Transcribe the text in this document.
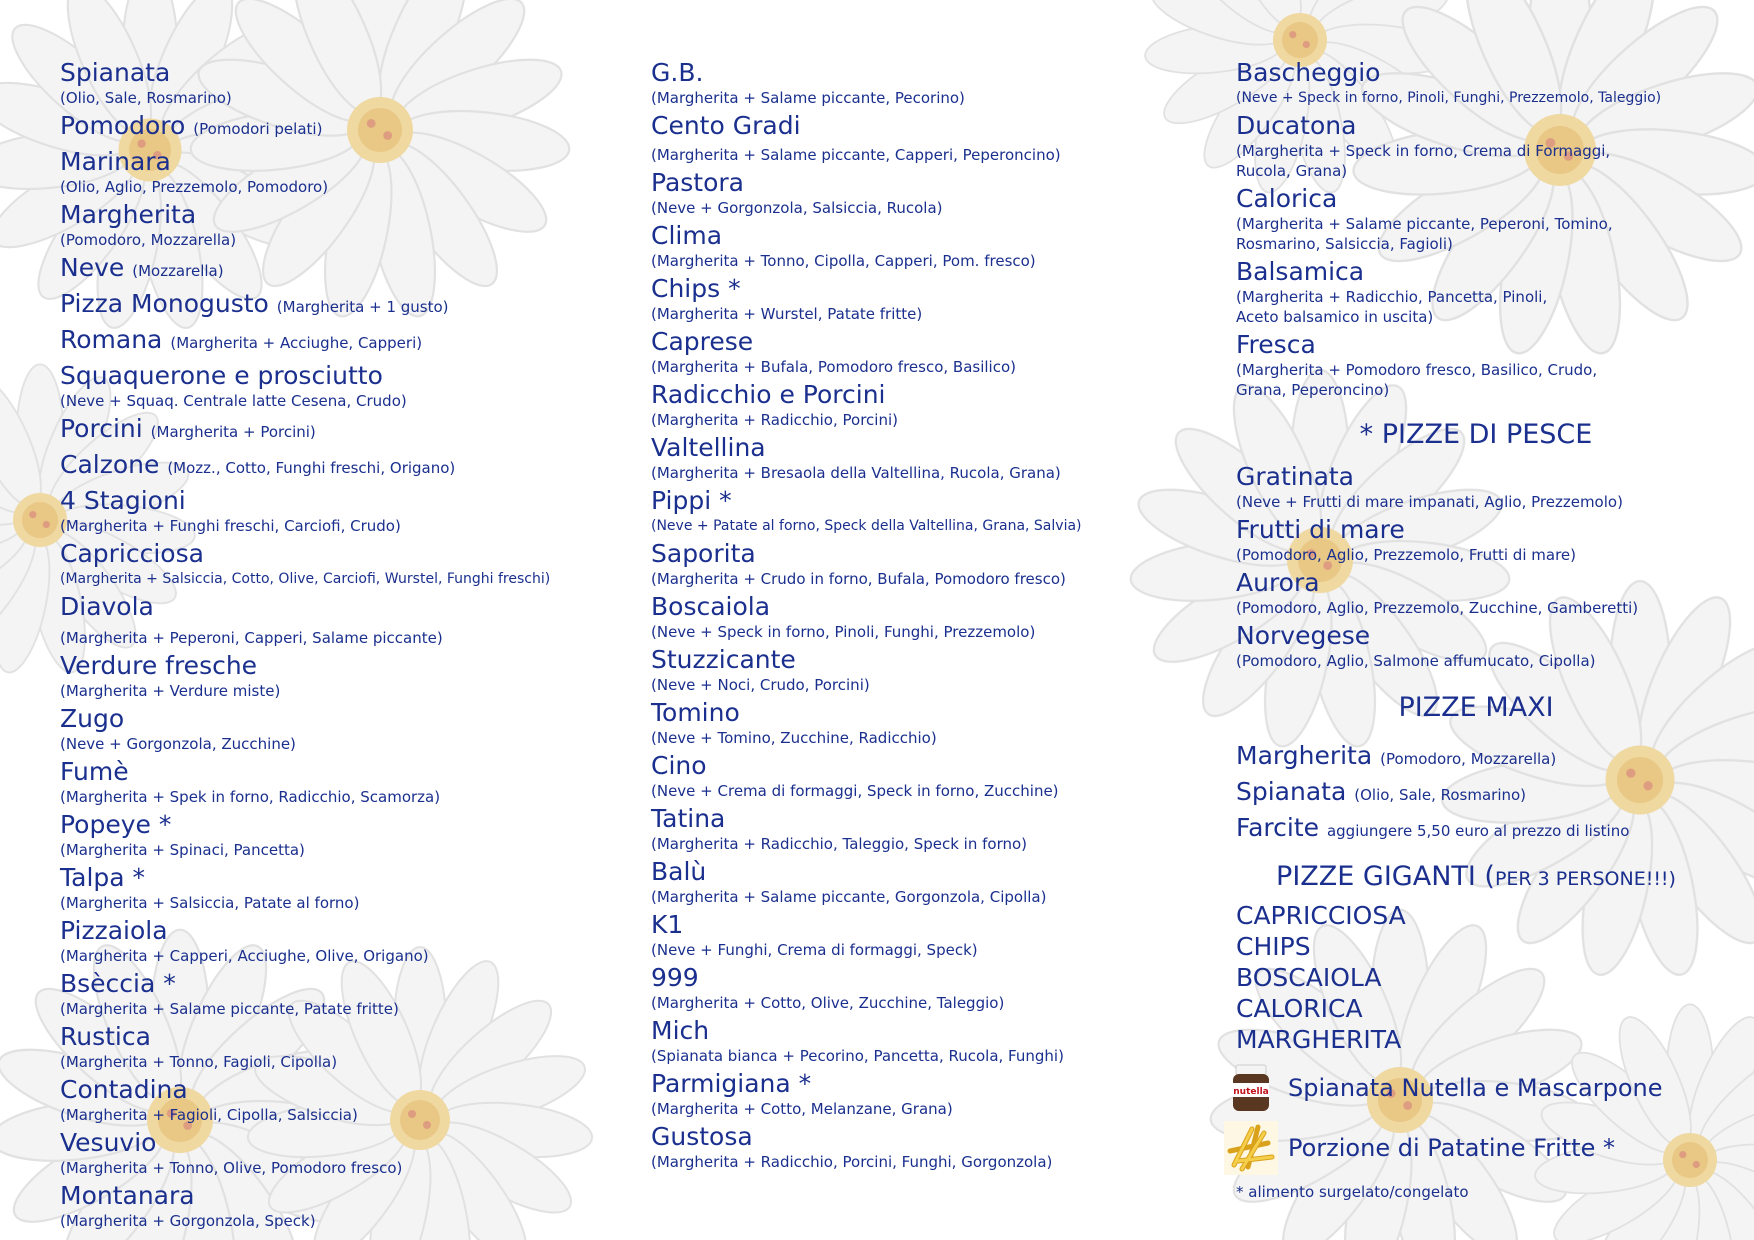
Spianata
(Olio, Sale, Rosmarino)
Pomodoro (Pomodori pelati)
Marinara
(Olio, Aglio, Prezzemolo, Pomodoro)
Margherita
(Pomodoro, Mozzarella)
Neve (Mozzarella)
Pizza Monogusto (Margherita + 1 gusto)
Romana (Margherita + Acciughe, Capperi)
Squaquerone e prosciutto
(Neve + Squaq. Centrale latte Cesena, Crudo)
Porcini (Margherita + Porcini)
Calzone (Mozz., Cotto, Funghi freschi, Origano)
4 Stagioni
(Margherita + Funghi freschi, Carciofi, Crudo)
Capricciosa
(Margherita + Salsiccia, Cotto, Olive, Carciofi, Wurstel, Funghi freschi)
Diavola
(Margherita + Peperoni, Capperi, Salame piccante)
Verdure fresche
(Margherita + Verdure miste)
Zugo
(Neve + Gorgonzola, Zucchine)
Fumè
(Margherita + Spek in forno, Radicchio, Scamorza)
Popeye *
(Margherita + Spinaci, Pancetta)
Talpa *
(Margherita + Salsiccia, Patate al forno)
Pizzaiola
(Margherita + Capperi, Acciughe, Olive, Origano)
Bsèccia *
(Margherita + Salame piccante, Patate fritte)
Rustica
(Margherita + Tonno, Fagioli, Cipolla)
Contadina
(Margherita + Fagioli, Cipolla, Salsiccia)
Vesuvio
(Margherita + Tonno, Olive, Pomodoro fresco)
Montanara
(Margherita + Gorgonzola, Speck)
G.B.
(Margherita + Salame piccante, Pecorino)
Cento Gradi
(Margherita + Salame piccante, Capperi, Peperoncino)
Pastora
(Neve + Gorgonzola, Salsiccia, Rucola)
Clima
(Margherita + Tonno, Cipolla, Capperi, Pom. fresco)
Chips *
(Margherita + Wurstel, Patate fritte)
Caprese
(Margherita + Bufala, Pomodoro fresco, Basilico)
Radicchio e Porcini
(Margherita + Radicchio, Porcini)
Valtellina
(Margherita + Bresaola della Valtellina, Rucola, Grana)
Pippi *
(Neve + Patate al forno, Speck della Valtellina, Grana, Salvia)
Saporita
(Margherita + Crudo in forno, Bufala, Pomodoro fresco)
Boscaiola
(Neve + Speck in forno, Pinoli, Funghi, Prezzemolo)
Stuzzicante
(Neve + Noci, Crudo, Porcini)
Tomino
(Neve + Tomino, Zucchine, Radicchio)
Cino
(Neve + Crema di formaggi, Speck in forno, Zucchine)
Tatina
(Margherita + Radicchio, Taleggio, Speck in forno)
Balù
(Margherita + Salame piccante, Gorgonzola, Cipolla)
K1
(Neve + Funghi, Crema di formaggi, Speck)
999
(Margherita + Cotto, Olive, Zucchine, Taleggio)
Mich
(Spianata bianca + Pecorino, Pancetta, Rucola, Funghi)
Parmigiana *
(Margherita + Cotto, Melanzane, Grana)
Gustosa
(Margherita + Radicchio, Porcini, Funghi, Gorgonzola)
Bascheggio
(Neve + Speck in forno, Pinoli, Funghi, Prezzemolo, Taleggio)
Ducatona
(Margherita + Speck in forno, Crema di Formaggi,
Rucola, Grana)
Calorica
(Margherita + Salame piccante, Peperoni, Tomino,
Rosmarino, Salsiccia, Fagioli)
Balsamica
(Margherita + Radicchio, Pancetta, Pinoli,
Aceto balsamico in uscita)
Fresca
(Margherita + Pomodoro fresco, Basilico, Crudo,
Grana, Peperoncino)
* PIZZE DI PESCE
Gratinata
(Neve + Frutti di mare impanati, Aglio, Prezzemolo)
Frutti di mare
(Pomodoro, Aglio, Prezzemolo, Frutti di mare)
Aurora
(Pomodoro, Aglio, Prezzemolo, Zucchine, Gamberetti)
Norvegese
(Pomodoro, Aglio, Salmone affumucato, Cipolla)
PIZZE MAXI
Margherita (Pomodoro, Mozzarella)
Spianata (Olio, Sale, Rosmarino)
Farcite aggiungere 5,50 euro al prezzo di listino
PIZZE GIGANTI (PER 3 PERSONE!!!)
CAPRICCIOSA
CHIPS
BOSCAIOLA
CALORICA
MARGHERITA
nutella Spianata Nutella e Mascarpone
Porzione di Patatine Fritte *
* alimento surgelato/congelato
